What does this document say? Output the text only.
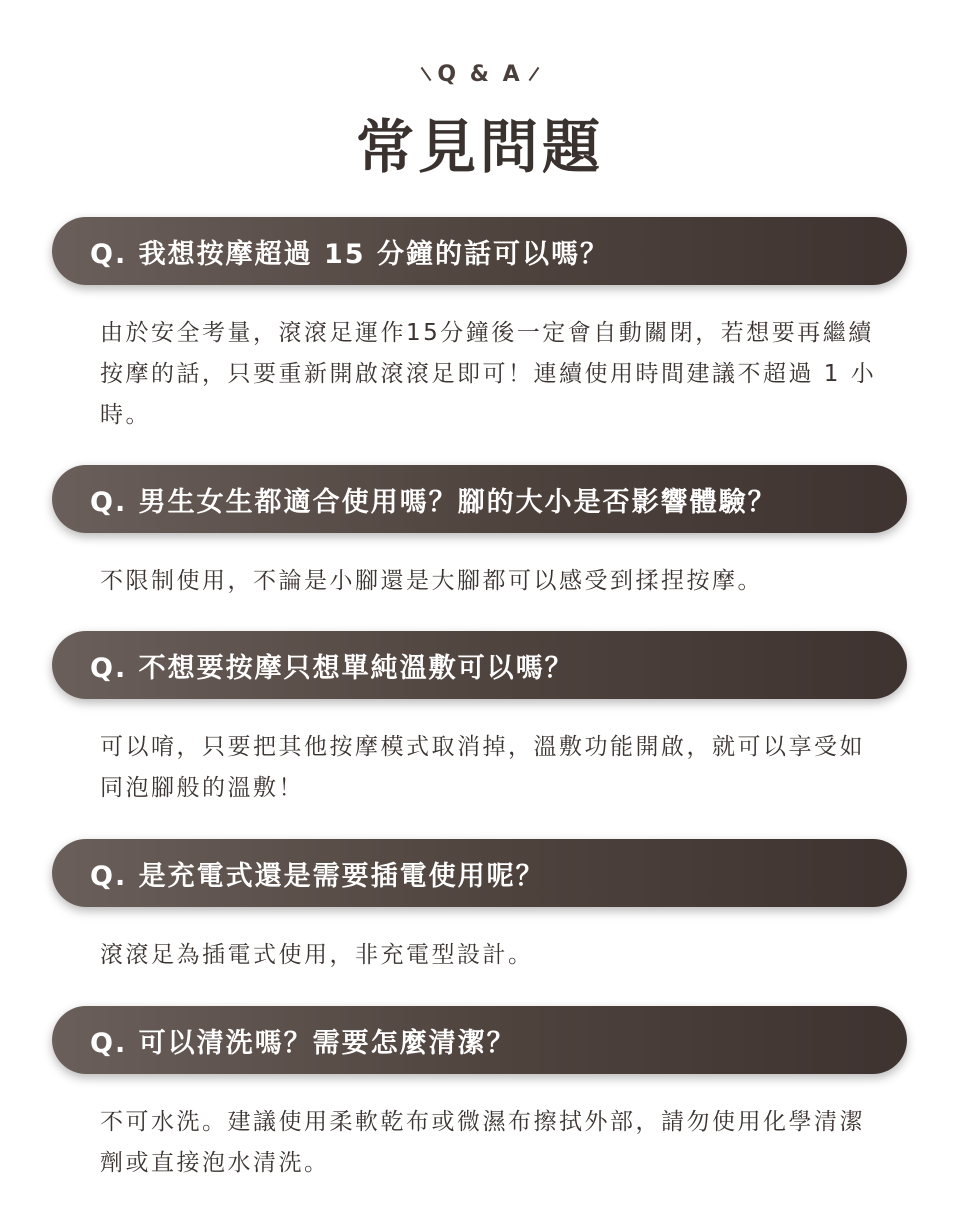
Q & A
常見問題
Q. 我想按摩超過 15 分鐘的話可以嗎？
由於安全考量，滾滾足運作15分鐘後一定會自動關閉，若想要再繼續按摩的話，只要重新開啟滾滾足即可！連續使用時間建議不超過 1 小時。
Q. 男生女生都適合使用嗎？腳的大小是否影響體驗？
不限制使用，不論是小腳還是大腳都可以感受到揉捏按摩。
Q. 不想要按摩只想單純溫敷可以嗎？
可以唷，只要把其他按摩模式取消掉，溫敷功能開啟，就可以享受如同泡腳般的溫敷！
Q. 是充電式還是需要插電使用呢？
滾滾足為插電式使用，非充電型設計。
Q. 可以清洗嗎？需要怎麼清潔？
不可水洗。建議使用柔軟乾布或微濕布擦拭外部，請勿使用化學清潔劑或直接泡水清洗。
